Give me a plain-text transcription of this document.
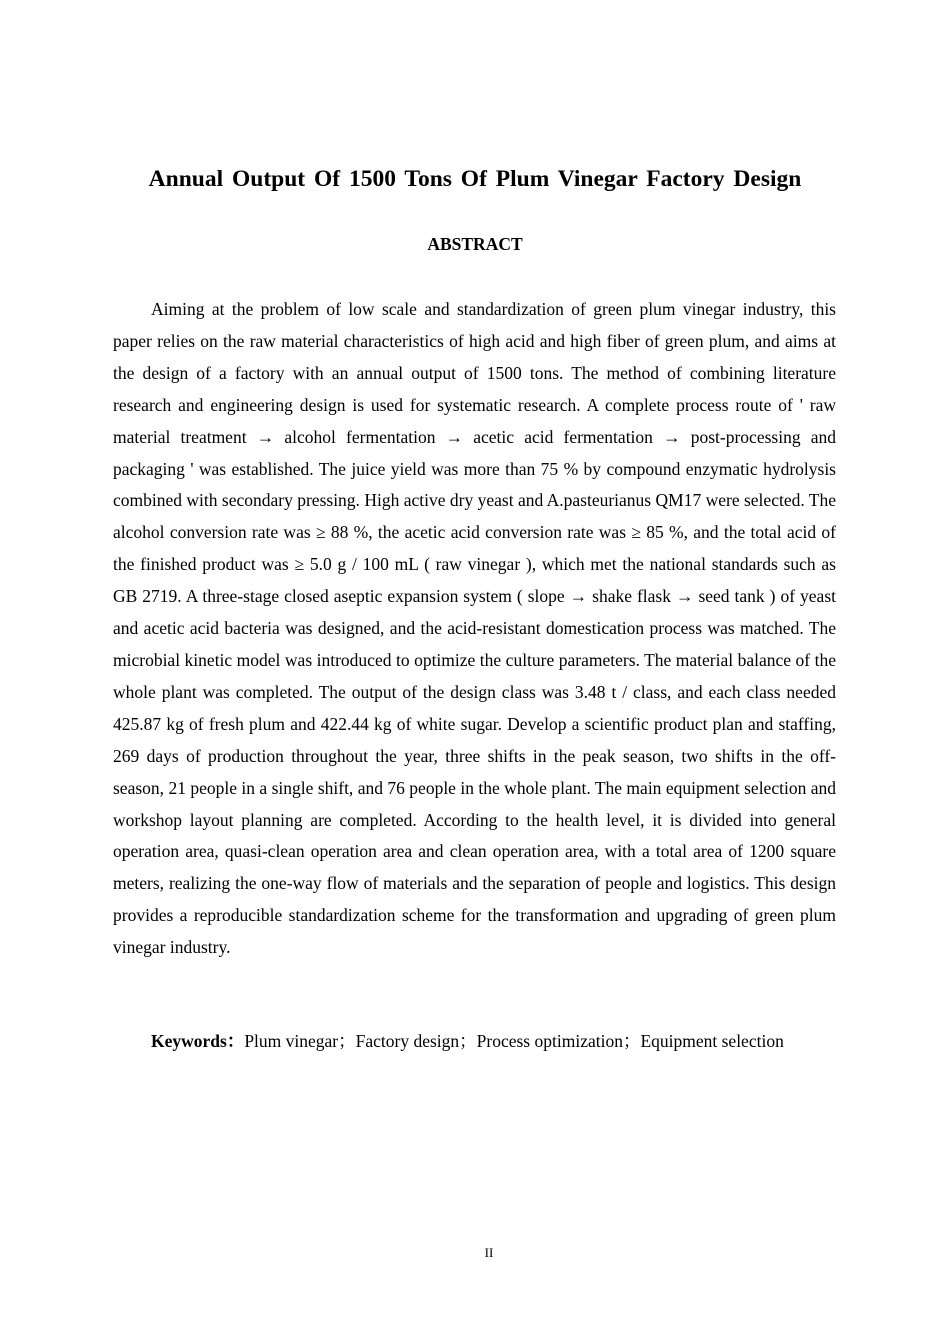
Annual Output Of 1500 Tons Of Plum Vinegar Factory Design
ABSTRACT

Aiming at the problem of low scale and standardization of green plum vinegar industry, this paper relies on the raw material characteristics of high acid and high fiber of green plum, and aims at the design of a factory with an annual output of 1500 tons. The method of combining literature research and engineering design is used for systematic research. A complete process route of ' raw material treatment → alcohol fermentation → acetic acid fermentation → post-processing and packaging ' was established. The juice yield was more than 75 % by compound enzymatic hydrolysis combined with secondary pressing. High active dry yeast and A.pasteurianus QM17 were selected. The alcohol conversion rate was ≥ 88 %, the acetic acid conversion rate was ≥ 85 %, and the total acid of the finished product was ≥ 5.0 g / 100 mL ( raw vinegar ), which met the national standards such as GB 2719. A three-stage closed aseptic expansion system ( slope → shake flask → seed tank ) of yeast and acetic acid bacteria was designed, and the acid-resistant domestication process was matched. The microbial kinetic model was introduced to optimize the culture parameters. The material balance of the whole plant was completed. The output of the design class was 3.48 t / class, and each class needed 425.87 kg of fresh plum and 422.44 kg of white sugar. Develop a scientific product plan and staffing, 269 days of production throughout the year, three shifts in the peak season, two shifts in the off-season, 21 people in a single shift, and 76 people in the whole plant. The main equipment selection and workshop layout planning are completed. According to the health level, it is divided into general operation area, quasi-clean operation area and clean operation area, with a total area of 1200 square meters, realizing the one-way flow of materials and the separation of people and logistics. This design provides a reproducible standardization scheme for the transformation and upgrading of green plum vinegar industry.

Keywords：Plum vinegar；Factory design；Process optimization；Equipment selection

II
